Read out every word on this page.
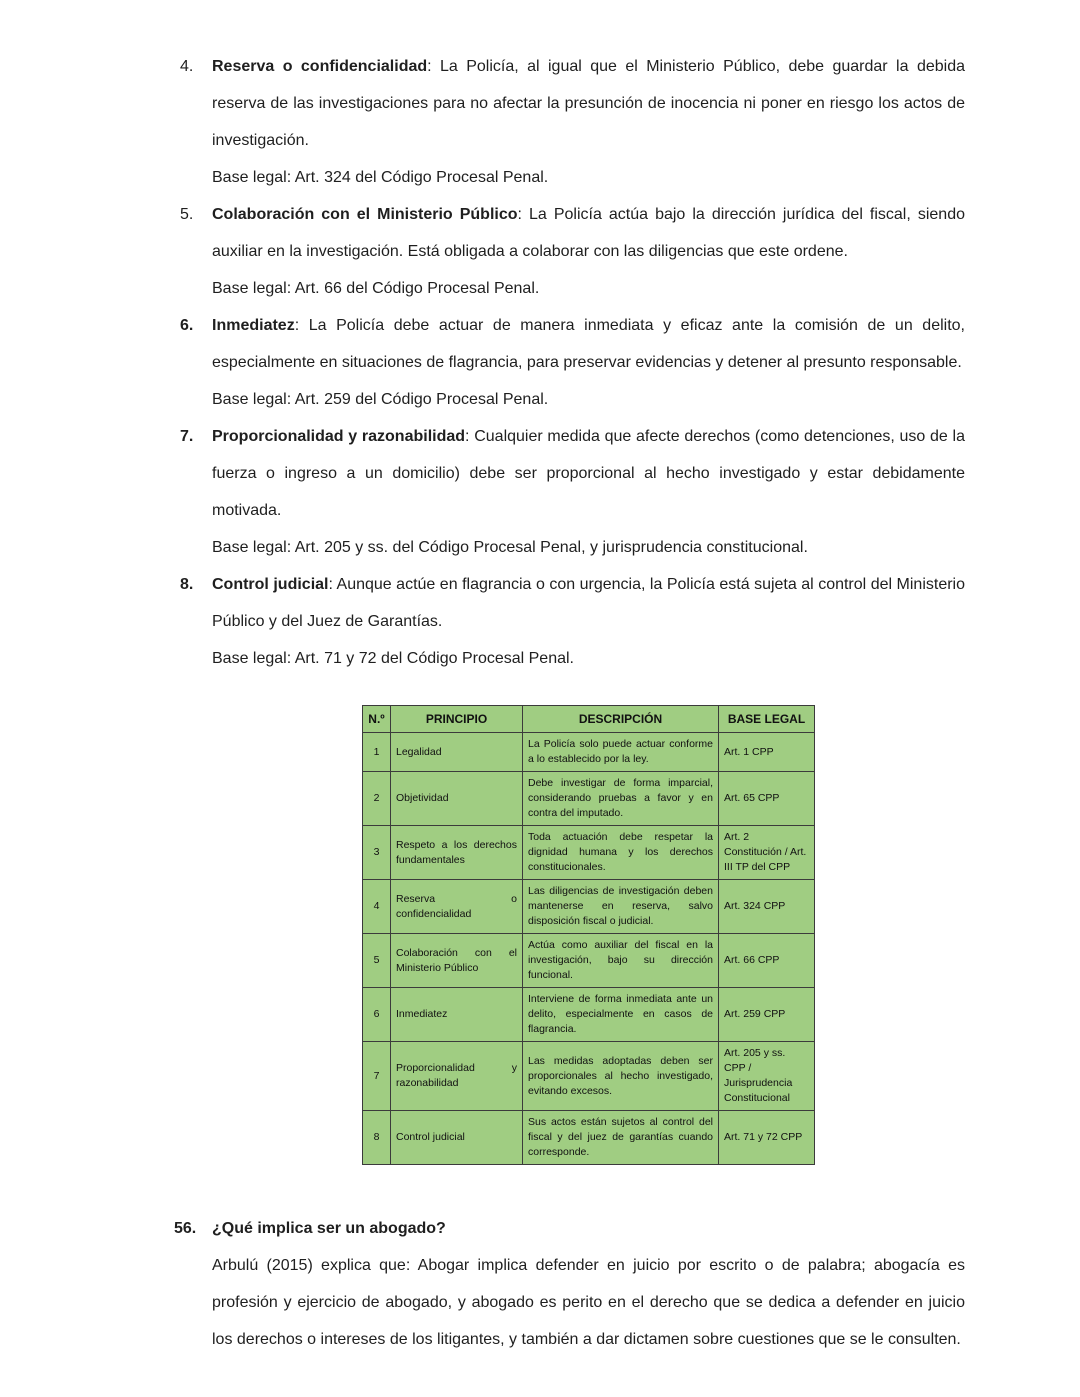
4. Reserva o confidencialidad: La Policía, al igual que el Ministerio Público, debe guardar la debida reserva de las investigaciones para no afectar la presunción de inocencia ni poner en riesgo los actos de investigación.
Base legal: Art. 324 del Código Procesal Penal.
5. Colaboración con el Ministerio Público: La Policía actúa bajo la dirección jurídica del fiscal, siendo auxiliar en la investigación. Está obligada a colaborar con las diligencias que este ordene.
Base legal: Art. 66 del Código Procesal Penal.
6. Inmediatez: La Policía debe actuar de manera inmediata y eficaz ante la comisión de un delito, especialmente en situaciones de flagrancia, para preservar evidencias y detener al presunto responsable.
Base legal: Art. 259 del Código Procesal Penal.
7. Proporcionalidad y razonabilidad: Cualquier medida que afecte derechos (como detenciones, uso de la fuerza o ingreso a un domicilio) debe ser proporcional al hecho investigado y estar debidamente motivada.
Base legal: Art. 205 y ss. del Código Procesal Penal, y jurisprudencia constitucional.
8. Control judicial: Aunque actúe en flagrancia o con urgencia, la Policía está sujeta al control del Ministerio Público y del Juez de Garantías.
Base legal: Art. 71 y 72 del Código Procesal Penal.
N.º	PRINCIPIO	DESCRIPCIÓN	BASE LEGAL
1	Legalidad	La Policía solo puede actuar conforme a lo establecido por la ley.	Art. 1 CPP
2	Objetividad	Debe investigar de forma imparcial, considerando pruebas a favor y en contra del imputado.	Art. 65 CPP
3	Respeto a los derechos fundamentales	Toda actuación debe respetar la dignidad humana y los derechos constitucionales.	Art. 2 Constitución / Art. III TP del CPP
4	Reserva o confidencialidad	Las diligencias de investigación deben mantenerse en reserva, salvo disposición fiscal o judicial.	Art. 324 CPP
5	Colaboración con el Ministerio Público	Actúa como auxiliar del fiscal en la investigación, bajo su dirección funcional.	Art. 66 CPP
6	Inmediatez	Interviene de forma inmediata ante un delito, especialmente en casos de flagrancia.	Art. 259 CPP
7	Proporcionalidad y razonabilidad	Las medidas adoptadas deben ser proporcionales al hecho investigado, evitando excesos.	Art. 205 y ss. CPP / Jurisprudencia Constitucional
8	Control judicial	Sus actos están sujetos al control del fiscal y del juez de garantías cuando corresponde.	Art. 71 y 72 CPP
56. ¿Qué implica ser un abogado?
Arbulú (2015) explica que: Abogar implica defender en juicio por escrito o de palabra; abogacía es profesión y ejercicio de abogado, y abogado es perito en el derecho que se dedica a defender en juicio los derechos o intereses de los litigantes, y también a dar dictamen sobre cuestiones que se le consulten.
